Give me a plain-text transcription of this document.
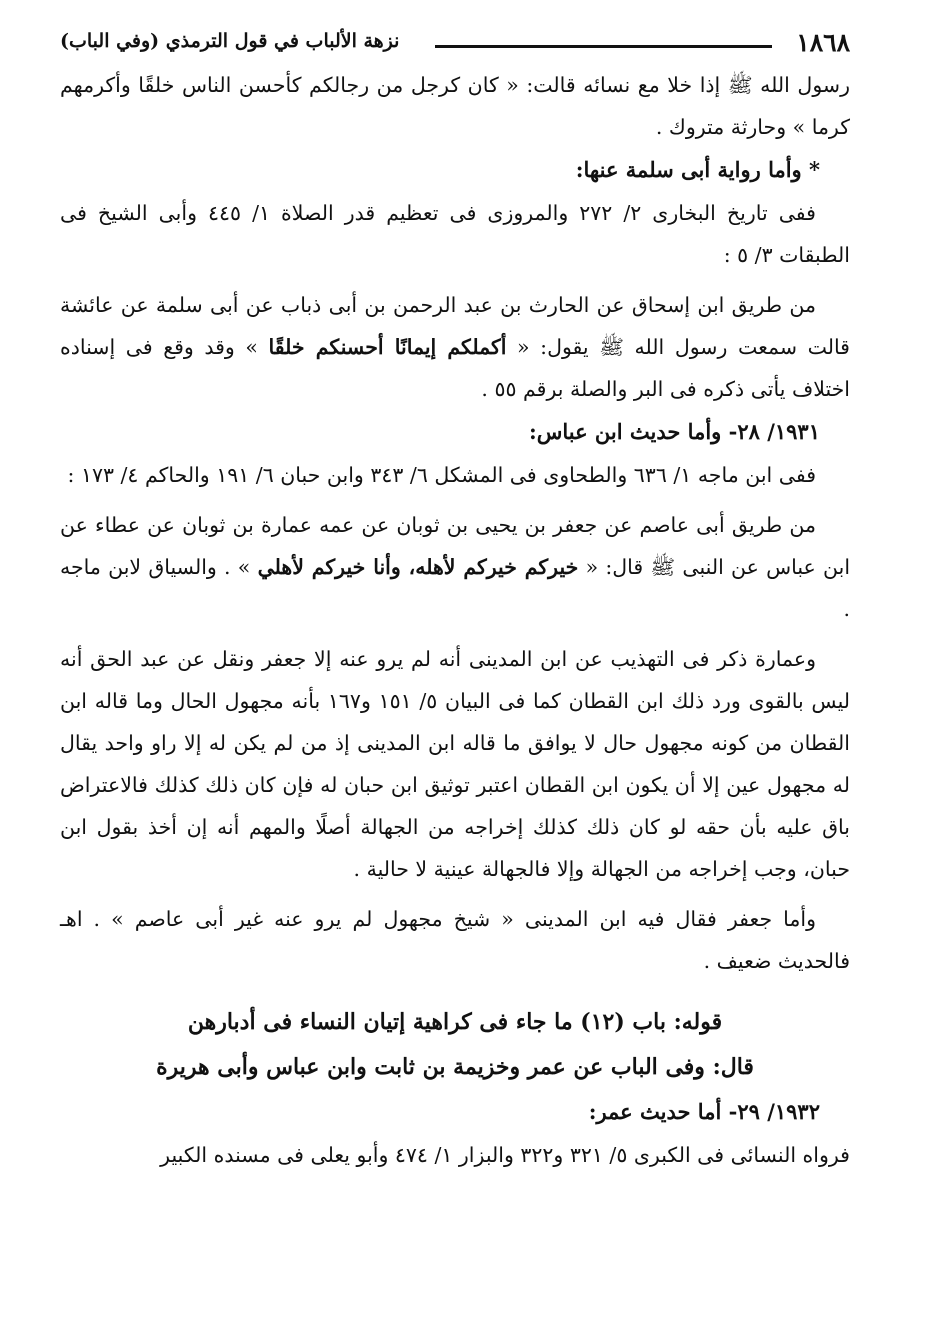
١٨٦٨
نزهة الألباب في قول الترمذي (وفي الباب)

رسول الله ﷺ إذا خلا مع نسائه قالت: « كان كرجل من رجالكم كأحسن الناس خلقًا وأكرمهم كرما » وحارثة متروك .

* وأما رواية أبى سلمة عنها:

ففى تاريخ البخارى ٢/ ٢٧٢ والمروزى فى تعظيم قدر الصلاة ١/ ٤٤٥ وأبى الشيخ فى الطبقات ٣/ ٥ :

من طريق ابن إسحاق عن الحارث بن عبد الرحمن بن أبى ذباب عن أبى سلمة عن عائشة قالت سمعت رسول الله ﷺ يقول: « أكملكم إيمانًا أحسنكم خلقًا » وقد وقع فى إسناده اختلاف يأتى ذكره فى البر والصلة برقم ٥٥ .

١٩٣١/ ٢٨- وأما حديث ابن عباس:

ففى ابن ماجه ١/ ٦٣٦ والطحاوى فى المشكل ٦/ ٣٤٣ وابن حبان ٦/ ١٩١ والحاكم ٤/ ١٧٣ :

من طريق أبى عاصم عن جعفر بن يحيى بن ثوبان عن عمه عمارة بن ثوبان عن عطاء عن ابن عباس عن النبى ﷺ قال: « خيركم خيركم لأهله، وأنا خيركم لأهلي » . والسياق لابن ماجه .

وعمارة ذكر فى التهذيب عن ابن المدينى أنه لم يرو عنه إلا جعفر ونقل عن عبد الحق أنه ليس بالقوى ورد ذلك ابن القطان كما فى البيان ٥/ ١٥١ و١٦٧ بأنه مجهول الحال وما قاله ابن القطان من كونه مجهول حال لا يوافق ما قاله ابن المدينى إذ من لم يكن له إلا راو واحد يقال له مجهول عين إلا أن يكون ابن القطان اعتبر توثيق ابن حبان له فإن كان ذلك كذلك فالاعتراض باق عليه بأن حقه لو كان ذلك كذلك إخراجه من الجهالة أصلًا والمهم أنه إن أخذ بقول ابن حبان، وجب إخراجه من الجهالة وإلا فالجهالة عينية لا حالية .

وأما جعفر فقال فيه ابن المدينى « شيخ مجهول لم يرو عنه غير أبى عاصم » . اهـ فالحديث ضعيف .

قوله: باب (١٢) ما جاء فى كراهية إتيان النساء فى أدبارهن

قال: وفى الباب عن عمر وخزيمة بن ثابت وابن عباس وأبى هريرة

١٩٣٢/ ٢٩- أما حديث عمر:

فرواه النسائى فى الكبرى ٥/ ٣٢١ و٣٢٢ والبزار ١/ ٤٧٤ وأبو يعلى فى مسنده الكبير
